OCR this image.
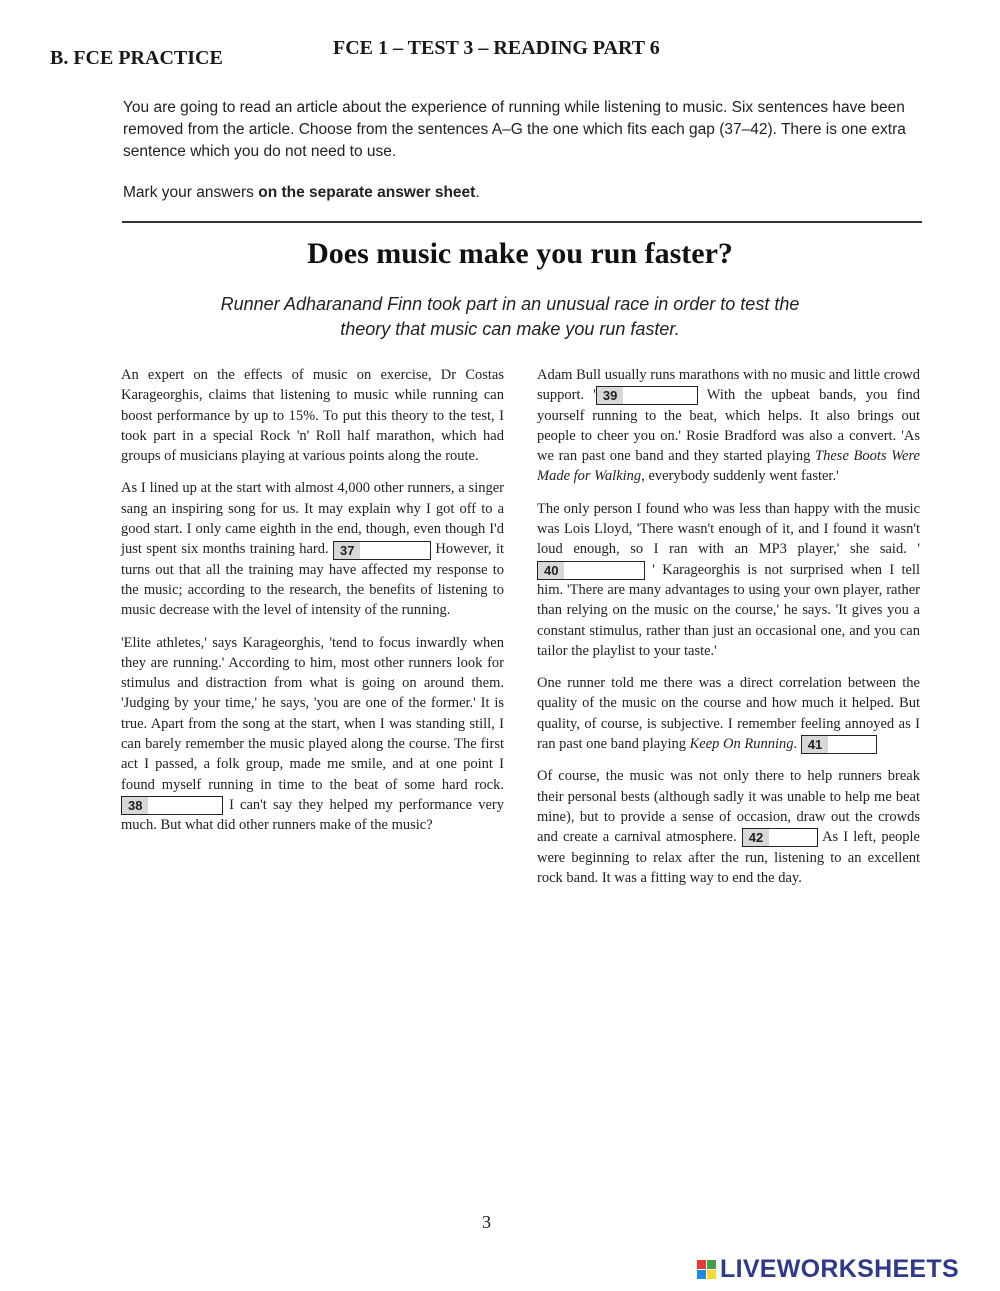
B. FCE PRACTICE	FCE 1 – TEST 3 – READING PART 6

You are going to read an article about the experience of running while listening to music. Six sentences have been removed from the article. Choose from the sentences A–G the one which fits each gap (37–42). There is one extra sentence which you do not need to use.

Mark your answers on the separate answer sheet.
Does music make you run faster?
Runner Adharanand Finn took part in an unusual race in order to test the theory that music can make you run faster.

An expert on the effects of music on exercise, Dr Costas Karageorghis, claims that listening to music while running can boost performance by up to 15%. To put this theory to the test, I took part in a special Rock 'n' Roll half marathon, which had groups of musicians playing at various points along the route.

As I lined up at the start with almost 4,000 other runners, a singer sang an inspiring song for us. It may explain why I got off to a good start. I only came eighth in the end, though, even though I'd just spent six months training hard. 37	However, it turns out that all the training may have affected my response to the music; according to the research, the benefits of listening to music decrease with the level of intensity of the running.

'Elite athletes,' says Karageorghis, 'tend to focus inwardly when they are running.' According to him, most other runners look for stimulus and distraction from what is going on around them. 'Judging by your time,' he says, 'you are one of the former.' It is true. Apart from the song at the start, when I was standing still, I can barely remember the music played along the course. The first act I passed, a folk group, made me smile, and at one point I found myself running in time to the beat of some hard rock. 38	I can't say they helped my performance very much. But what did other runners make of the music?

Adam Bull usually runs marathons with no music and little crowd support. ' 39	With the upbeat bands, you find yourself running to the beat, which helps. It also brings out people to cheer you on.' Rosie Bradford was also a convert. 'As we ran past one band and they started playing These Boots Were Made for Walking, everybody suddenly went faster.'

The only person I found who was less than happy with the music was Lois Lloyd, 'There wasn't enough of it, and I found it wasn't loud enough, so I ran with an MP3 player,' she said. '40	' Karageorghis is not surprised when I tell him. 'There are many advantages to using your own player, rather than relying on the music on the course,' he says. 'It gives you a constant stimulus, rather than just an occasional one, and you can tailor the playlist to your taste.'

One runner told me there was a direct correlation between the quality of the music on the course and how much it helped. But quality, of course, is subjective. I remember feeling annoyed as I ran past one band playing Keep On Running. 41

Of course, the music was not only there to help runners break their personal bests (although sadly it was unable to help me beat mine), but to provide a sense of occasion, draw out the crowds and create a carnival atmosphere. 42	As I left, people were beginning to relax after the run, listening to an excellent rock band. It was a fitting way to end the day.

3
LIVEWORKSHEETS
